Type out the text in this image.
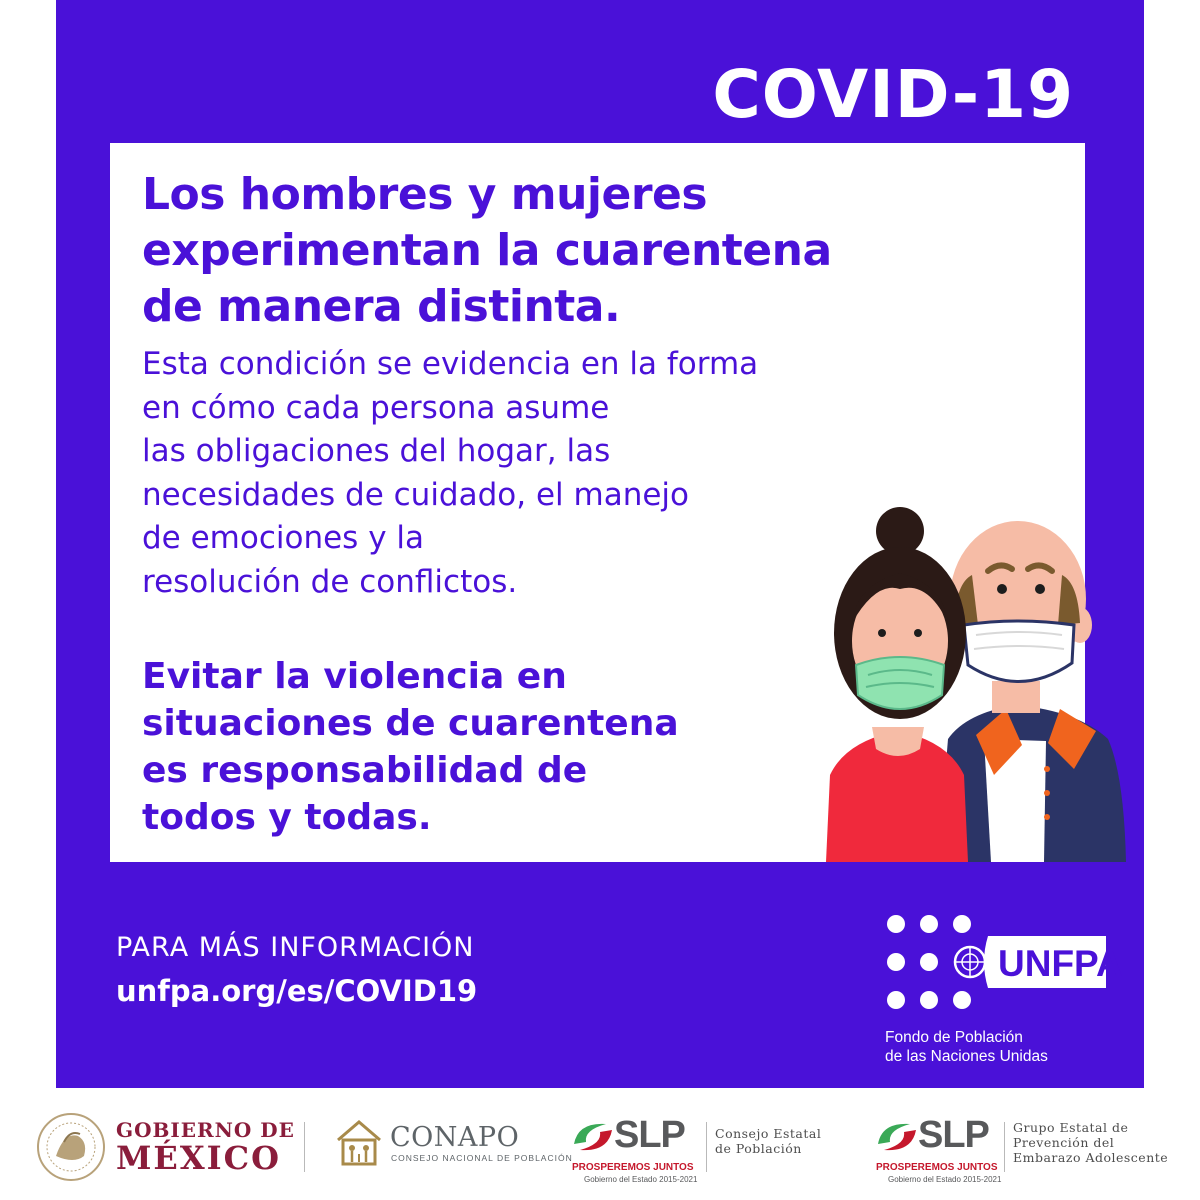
COVID-19
Los hombres y mujeres
experimentan la cuarentena
de manera distinta.
Esta condición se evidencia en la forma
en cómo cada persona asume
las obligaciones del hogar, las
necesidades de cuidado, el manejo
de emociones y la
resolución de conflictos.
Evitar la violencia en
situaciones de cuarentena
es responsabilidad de
todos y todas.
PARA MÁS INFORMACIÓN
unfpa.org/es/COVID19
UNFPA
Fondo de Población
de las Naciones Unidas
GOBIERNO DE
MÉXICO
CONAPO
CONSEJO NACIONAL DE POBLACIÓN
SLP
PROSPEREMOS JUNTOS
Gobierno del Estado 2015-2021
Consejo Estatal
de Población	SLP
PROSPEREMOS JUNTOS
Gobierno del Estado 2015-2021
Grupo Estatal de
Prevención del
Embarazo Adolescente
